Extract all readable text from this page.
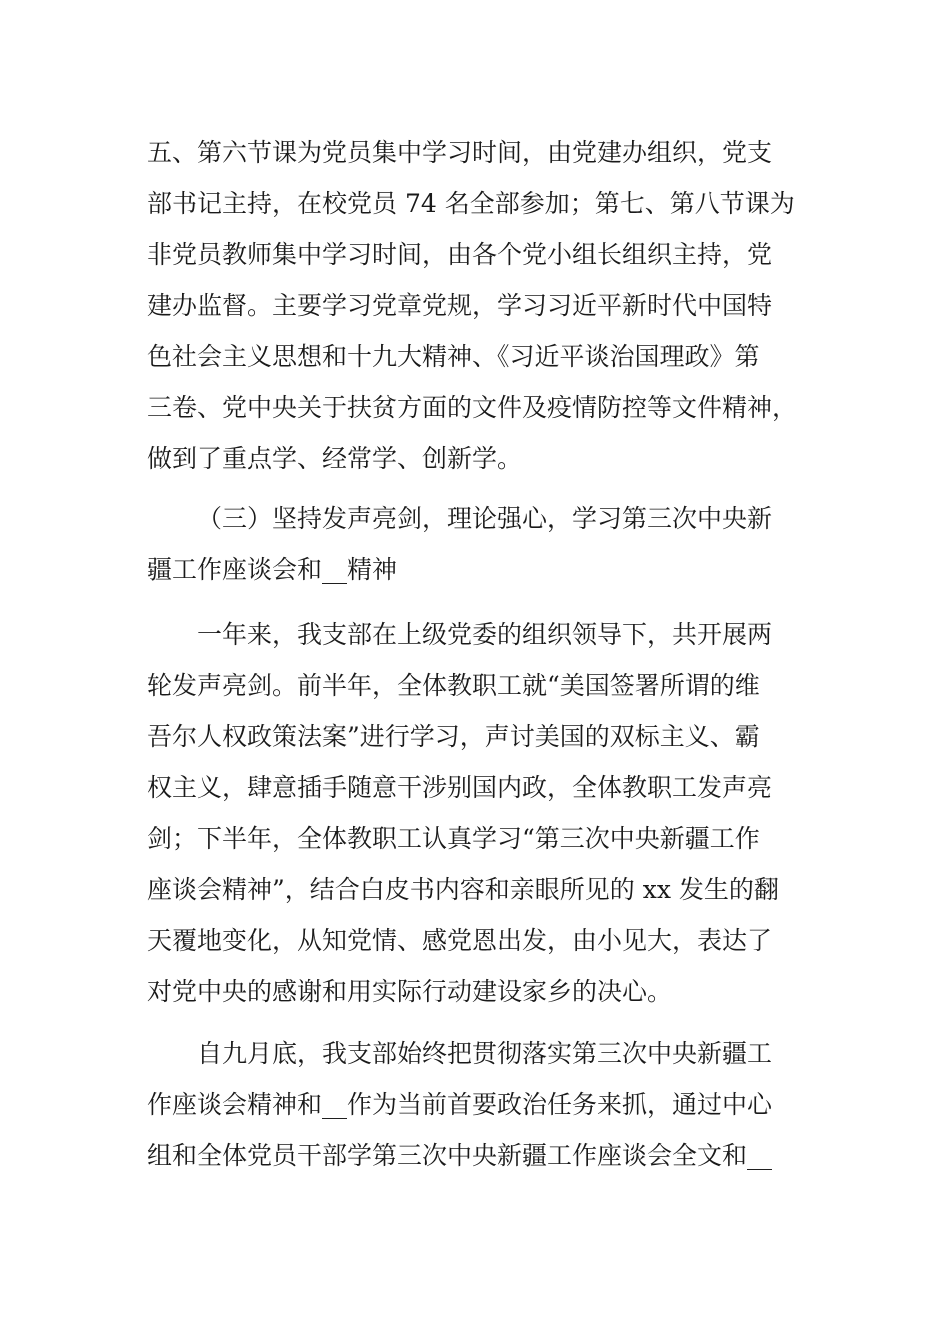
五、第六节课为党员集中学习时间，由党建办组织，党支
部书记主持，在校党员 74 名全部参加；第七、第八节课为
非党员教师集中学习时间，由各个党小组长组织主持，党
建办监督。主要学习党章党规，学习习近平新时代中国特
色社会主义思想和十九大精神、《习近平谈治国理政》第
三卷、党中央关于扶贫方面的文件及疫情防控等文件精神，
做到了重点学、经常学、创新学。
（三）坚持发声亮剑，理论强心，学习第三次中央新
疆工作座谈会和__精神
一年来，我支部在上级党委的组织领导下，共开展两
轮发声亮剑。前半年，全体教职工就“美国签署所谓的维
吾尔人权政策法案”进行学习，声讨美国的双标主义、霸
权主义，肆意插手随意干涉别国内政，全体教职工发声亮
剑；下半年，全体教职工认真学习“第三次中央新疆工作
座谈会精神”，结合白皮书内容和亲眼所见的 xx 发生的翻
天覆地变化，从知党情、感党恩出发，由小见大，表达了
对党中央的感谢和用实际行动建设家乡的决心。
自九月底，我支部始终把贯彻落实第三次中央新疆工
作座谈会精神和__作为当前首要政治任务来抓，通过中心
组和全体党员干部学第三次中央新疆工作座谈会全文和__
